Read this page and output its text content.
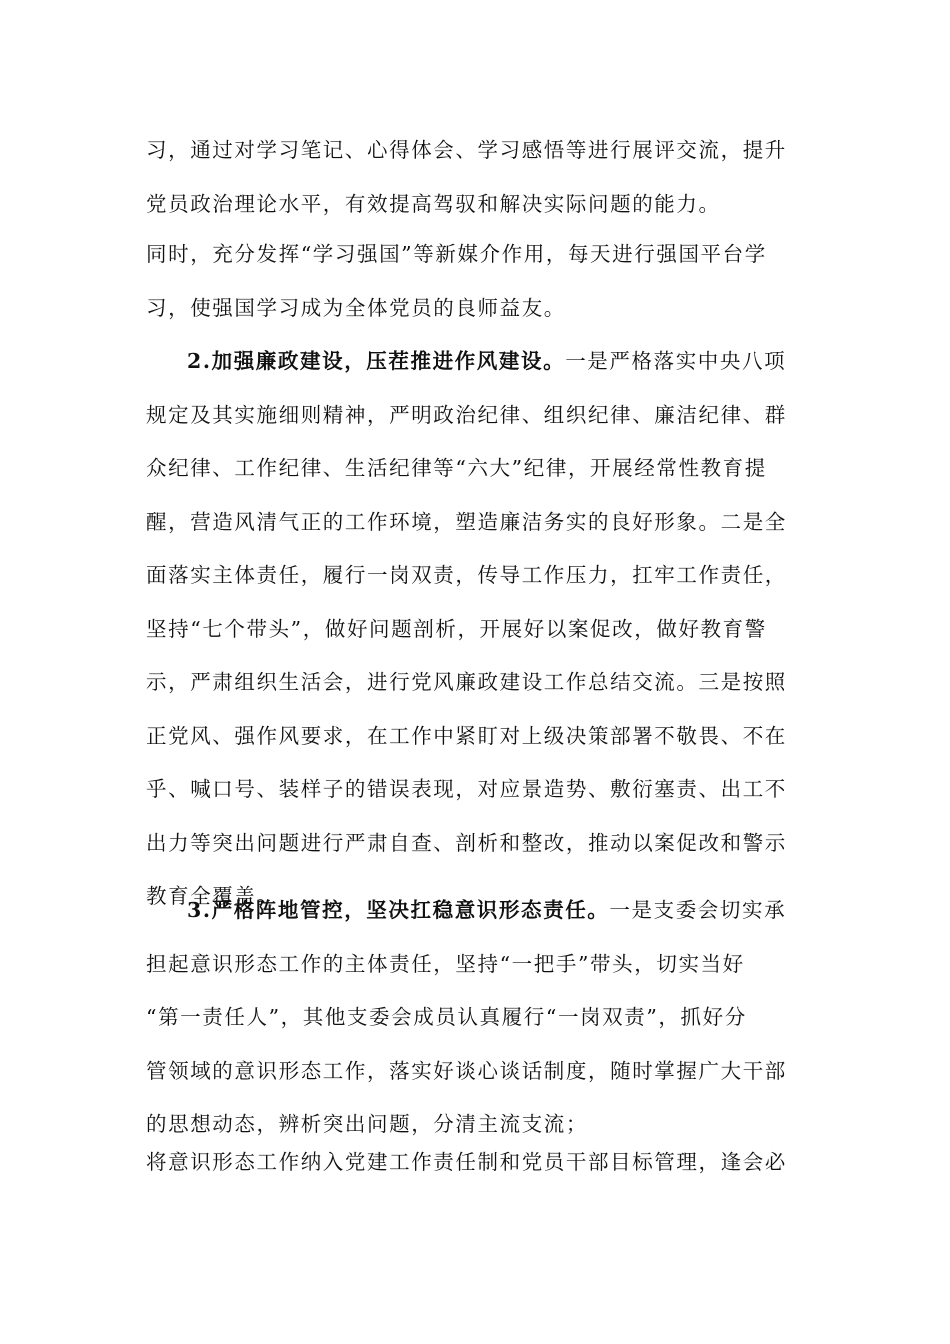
习，通过对学习笔记、心得体会、学习感悟等进行展评交流，提升
党员政治理论水平，有效提高驾驭和解决实际问题的能力。
同时，充分发挥“学习强国”等新媒介作用，每天进行强国平台学
习，使强国学习成为全体党员的良师益友。
2.加强廉政建设，压茬推进作风建设。一是严格落实中央八项
规定及其实施细则精神，严明政治纪律、组织纪律、廉洁纪律、群
众纪律、工作纪律、生活纪律等“六大”纪律，开展经常性教育提
醒，营造风清气正的工作环境，塑造廉洁务实的良好形象。二是全
面落实主体责任，履行一岗双责，传导工作压力，扛牢工作责任，
坚持“七个带头”，做好问题剖析，开展好以案促改，做好教育警
示，严肃组织生活会，进行党风廉政建设工作总结交流。三是按照
正党风、强作风要求，在工作中紧盯对上级决策部署不敬畏、不在
乎、喊口号、装样子的错误表现，对应景造势、敷衍塞责、出工不
出力等突出问题进行严肃自查、剖析和整改，推动以案促改和警示
教育全覆盖。
3.严格阵地管控，坚决扛稳意识形态责任。一是支委会切实承
担起意识形态工作的主体责任，坚持“一把手”带头，切实当好
“第一责任人”，其他支委会成员认真履行“一岗双责”，抓好分
管领域的意识形态工作，落实好谈心谈话制度，随时掌握广大干部
的思想动态，辨析突出问题，分清主流支流；
将意识形态工作纳入党建工作责任制和党员干部目标管理，逢会必
